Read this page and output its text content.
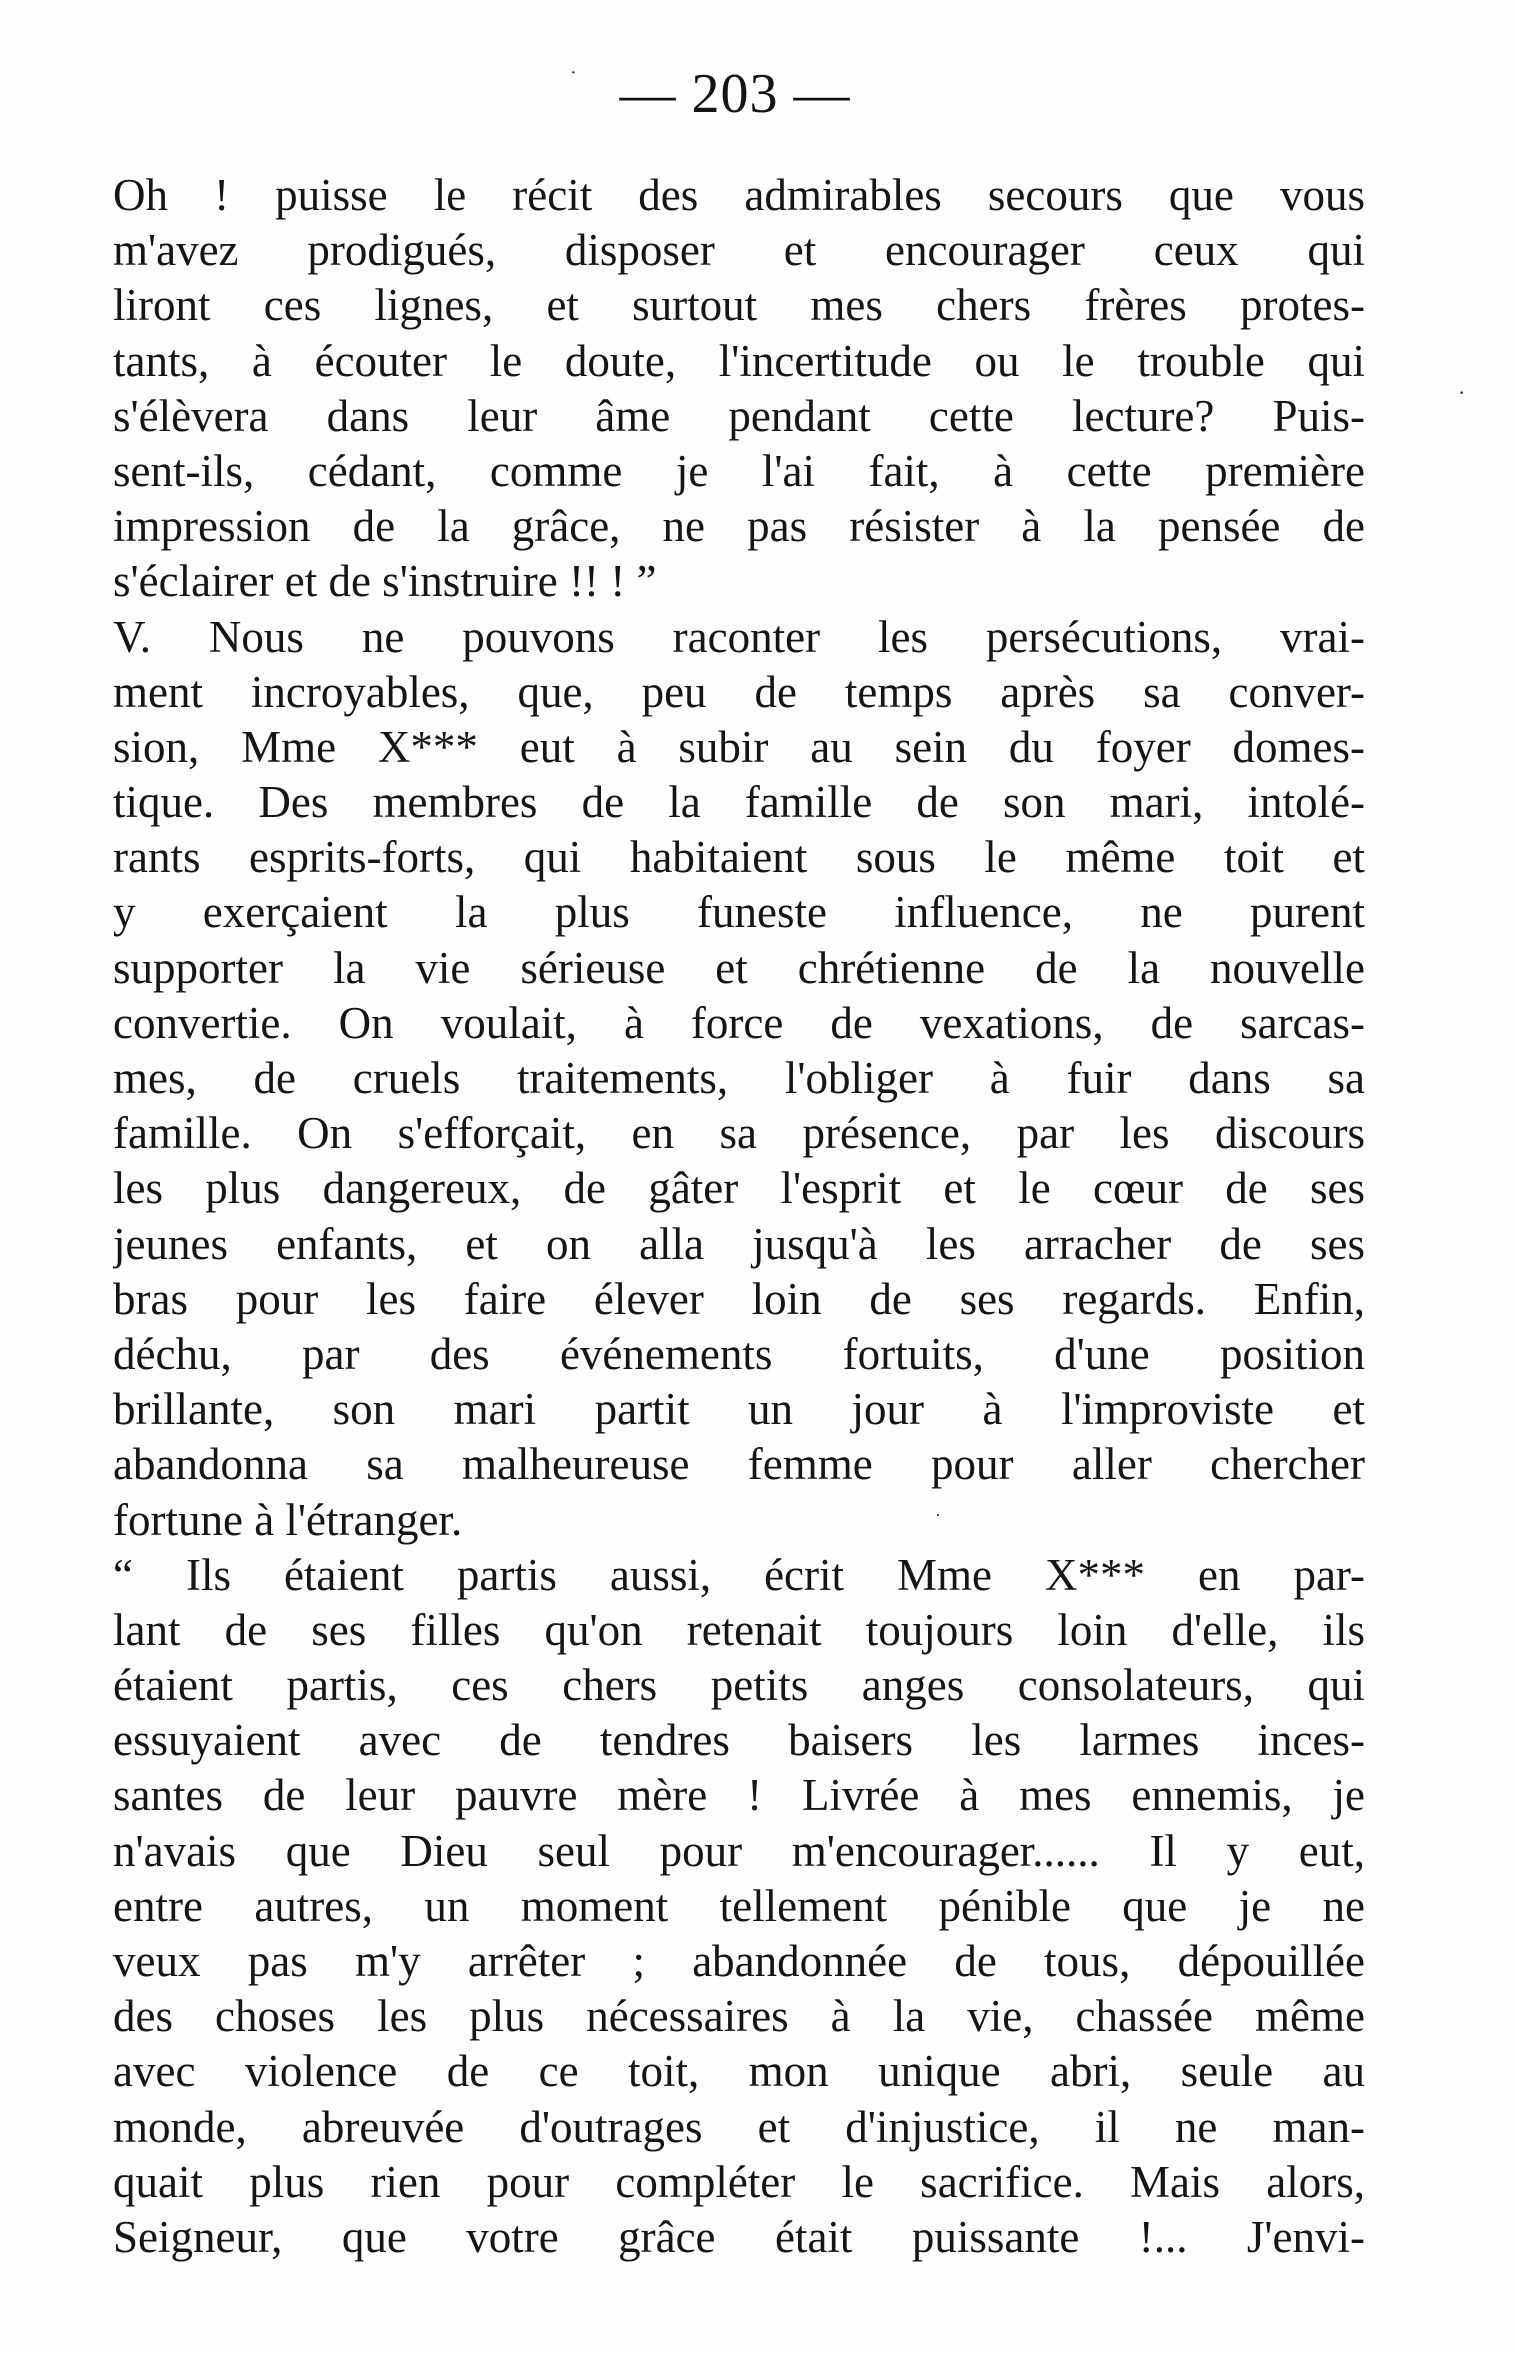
— 203 —
·
·
·
Oh ! puisse le récit des admirables secours que vous
m'avez prodigués, disposer et encourager ceux qui
liront ces lignes, et surtout mes chers frères protes-
tants, à écouter le doute, l'incertitude ou le trouble qui
s'élèvera dans leur âme pendant cette lecture? Puis-
sent-ils, cédant, comme je l'ai fait, à cette première
impression de la grâce, ne pas résister à la pensée de
s'éclairer et de s'instruire !! ! ”
V. Nous ne pouvons raconter les persécutions, vrai-
ment incroyables, que, peu de temps après sa conver-
sion, Mme X*** eut à subir au sein du foyer domes-
tique. Des membres de la famille de son mari, intolé-
rants esprits-forts, qui habitaient sous le même toit et
y exerçaient la plus funeste influence, ne purent
supporter la vie sérieuse et chrétienne de la nouvelle
convertie. On voulait, à force de vexations, de sarcas-
mes, de cruels traitements, l'obliger à fuir dans sa
famille. On s'efforçait, en sa présence, par les discours
les plus dangereux, de gâter l'esprit et le cœur de ses
jeunes enfants, et on alla jusqu'à les arracher de ses
bras pour les faire élever loin de ses regards. Enfin,
déchu, par des événements fortuits, d'une position
brillante, son mari partit un jour à l'improviste et
abandonna sa malheureuse femme pour aller chercher
fortune à l'étranger.
“ Ils étaient partis aussi, écrit Mme X*** en par-
lant de ses filles qu'on retenait toujours loin d'elle, ils
étaient partis, ces chers petits anges consolateurs, qui
essuyaient avec de tendres baisers les larmes inces-
santes de leur pauvre mère ! Livrée à mes ennemis, je
n'avais que Dieu seul pour m'encourager...... Il y eut,
entre autres, un moment tellement pénible que je ne
veux pas m'y arrêter ; abandonnée de tous, dépouillée
des choses les plus nécessaires à la vie, chassée même
avec violence de ce toit, mon unique abri, seule au
monde, abreuvée d'outrages et d'injustice, il ne man-
quait plus rien pour compléter le sacrifice. Mais alors,
Seigneur, que votre grâce était puissante !... J'envi-
